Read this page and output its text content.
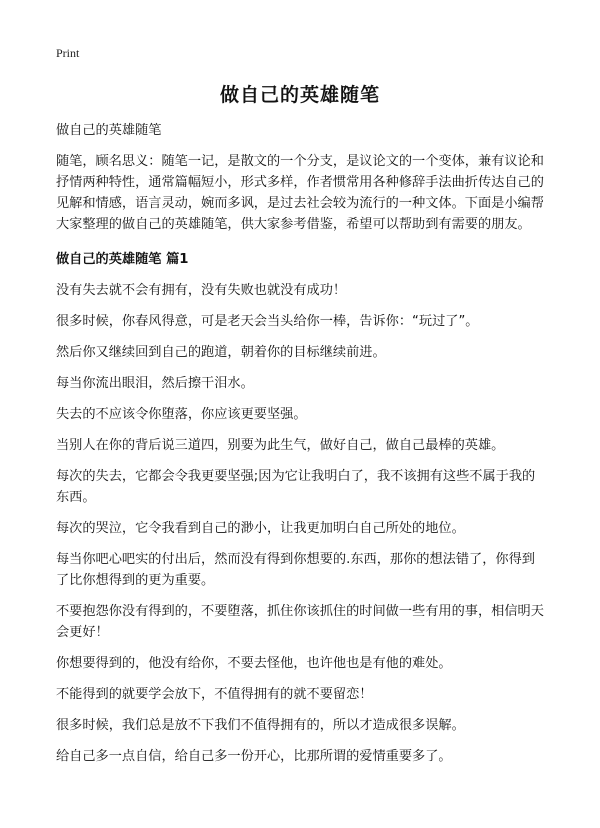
Print
做自己的英雄随笔

做自己的英雄随笔

随笔，顾名思义：随笔一记，是散文的一个分支，是议论文的一个变体，兼有议论和抒情两种特性，通常篇幅短小，形式多样，作者惯常用各种修辞手法曲折传达自己的见解和情感，语言灵动，婉而多讽，是过去社会较为流行的一种文体。下面是小编帮大家整理的做自己的英雄随笔，供大家参考借鉴，希望可以帮助到有需要的朋友。

做自己的英雄随笔 篇1

没有失去就不会有拥有，没有失败也就没有成功！

很多时候，你春风得意，可是老天会当头给你一棒，告诉你：“玩过了”。

然后你又继续回到自己的跑道，朝着你的目标继续前进。

每当你流出眼泪，然后擦干泪水。

失去的不应该令你堕落，你应该更要坚强。

当别人在你的背后说三道四，别要为此生气，做好自己，做自己最棒的英雄。

每次的失去，它都会令我更要坚强;因为它让我明白了，我不该拥有这些不属于我的东西。

每次的哭泣，它令我看到自己的渺小，让我更加明白自己所处的地位。

每当你吧心吧实的付出后，然而没有得到你想要的.东西，那你的想法错了，你得到了比你想得到的更为重要。

不要抱怨你没有得到的，不要堕落，抓住你该抓住的时间做一些有用的事，相信明天会更好！

你想要得到的，他没有给你，不要去怪他，也许他也是有他的难处。

不能得到的就要学会放下，不值得拥有的就不要留恋！

很多时候，我们总是放不下我们不值得拥有的，所以才造成很多误解。

给自己多一点自信，给自己多一份开心，比那所谓的爱情重要多了。
